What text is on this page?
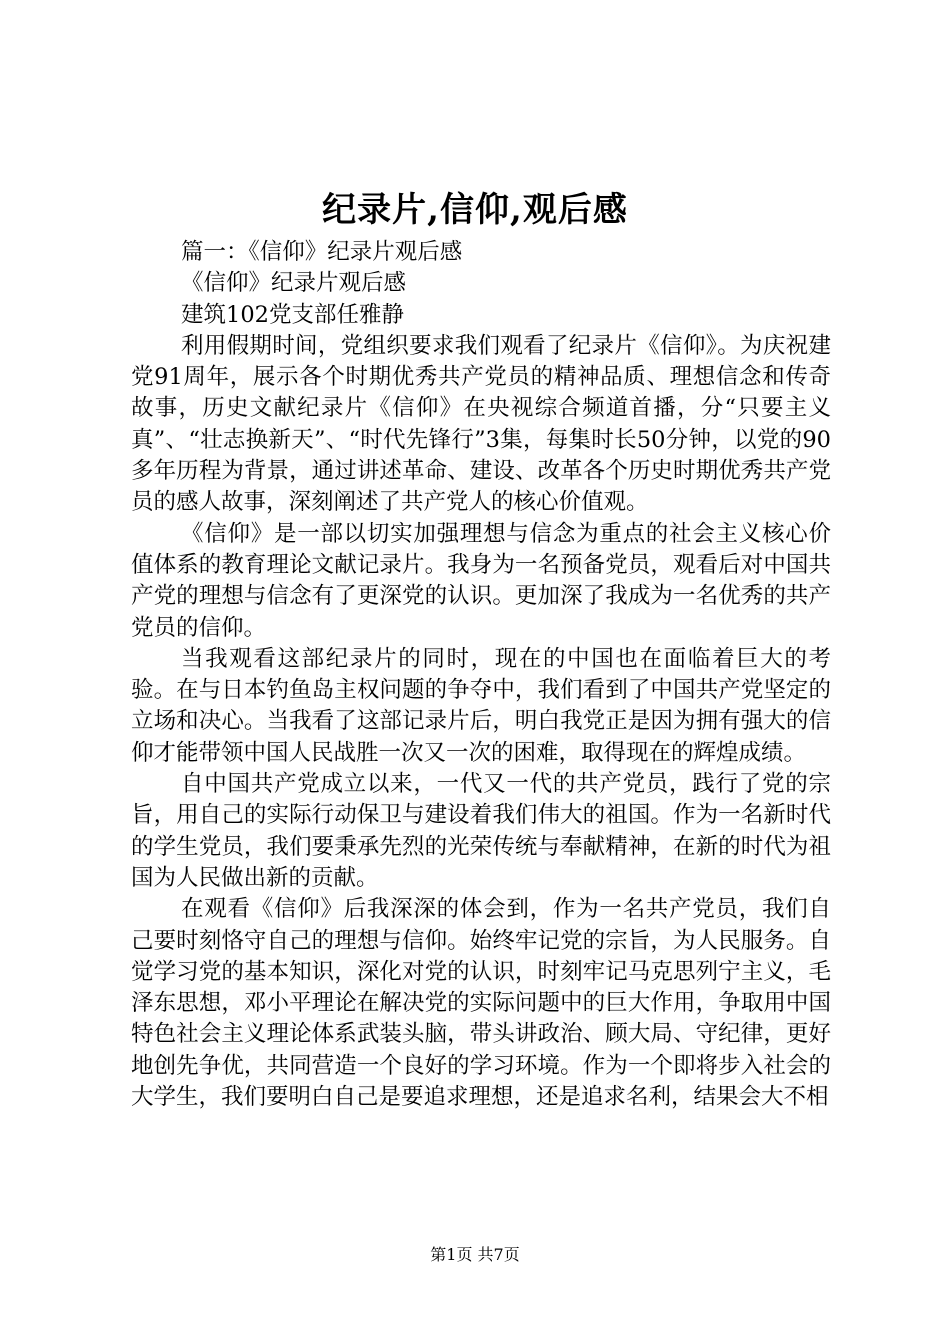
纪录片,信仰,观后感

篇一：《信仰》纪录片观后感

《信仰》纪录片观后感

建筑102党支部任雅静

利用假期时间，党组织要求我们观看了纪录片《信仰》。为庆祝建党91周年，展示各个时期优秀共产党员的精神品质、理想信念和传奇故事，历史文献纪录片《信仰》在央视综合频道首播，分“只要主义真”、“壮志换新天”、“时代先锋行”3集，每集时长50分钟，以党的90多年历程为背景，通过讲述革命、建设、改革各个历史时期优秀共产党员的感人故事，深刻阐述了共产党人的核心价值观。

《信仰》是一部以切实加强理想与信念为重点的社会主义核心价值体系的教育理论文献记录片。我身为一名预备党员，观看后对中国共产党的理想与信念有了更深党的认识。更加深了我成为一名优秀的共产党员的信仰。

当我观看这部纪录片的同时，现在的中国也在面临着巨大的考验。在与日本钓鱼岛主权问题的争夺中，我们看到了中国共产党坚定的立场和决心。当我看了这部记录片后，明白我党正是因为拥有强大的信仰才能带领中国人民战胜一次又一次的困难，取得现在的辉煌成绩。

自中国共产党成立以来，一代又一代的共产党员，践行了党的宗旨，用自己的实际行动保卫与建设着我们伟大的祖国。作为一名新时代的学生党员，我们要秉承先烈的光荣传统与奉献精神，在新的时代为祖国为人民做出新的贡献。

在观看《信仰》后我深深的体会到，作为一名共产党员，我们自己要时刻恪守自己的理想与信仰。始终牢记党的宗旨，为人民服务。自觉学习党的基本知识，深化对党的认识，时刻牢记马克思列宁主义，毛泽东思想，邓小平理论在解决党的实际问题中的巨大作用，争取用中国特色社会主义理论体系武装头脑，带头讲政治、顾大局、守纪律，更好地创先争优，共同营造一个良好的学习环境。作为一个即将步入社会的大学生，我们要明白自己是要追求理想，还是追求名利，结果会大不相

第1页 共7页
